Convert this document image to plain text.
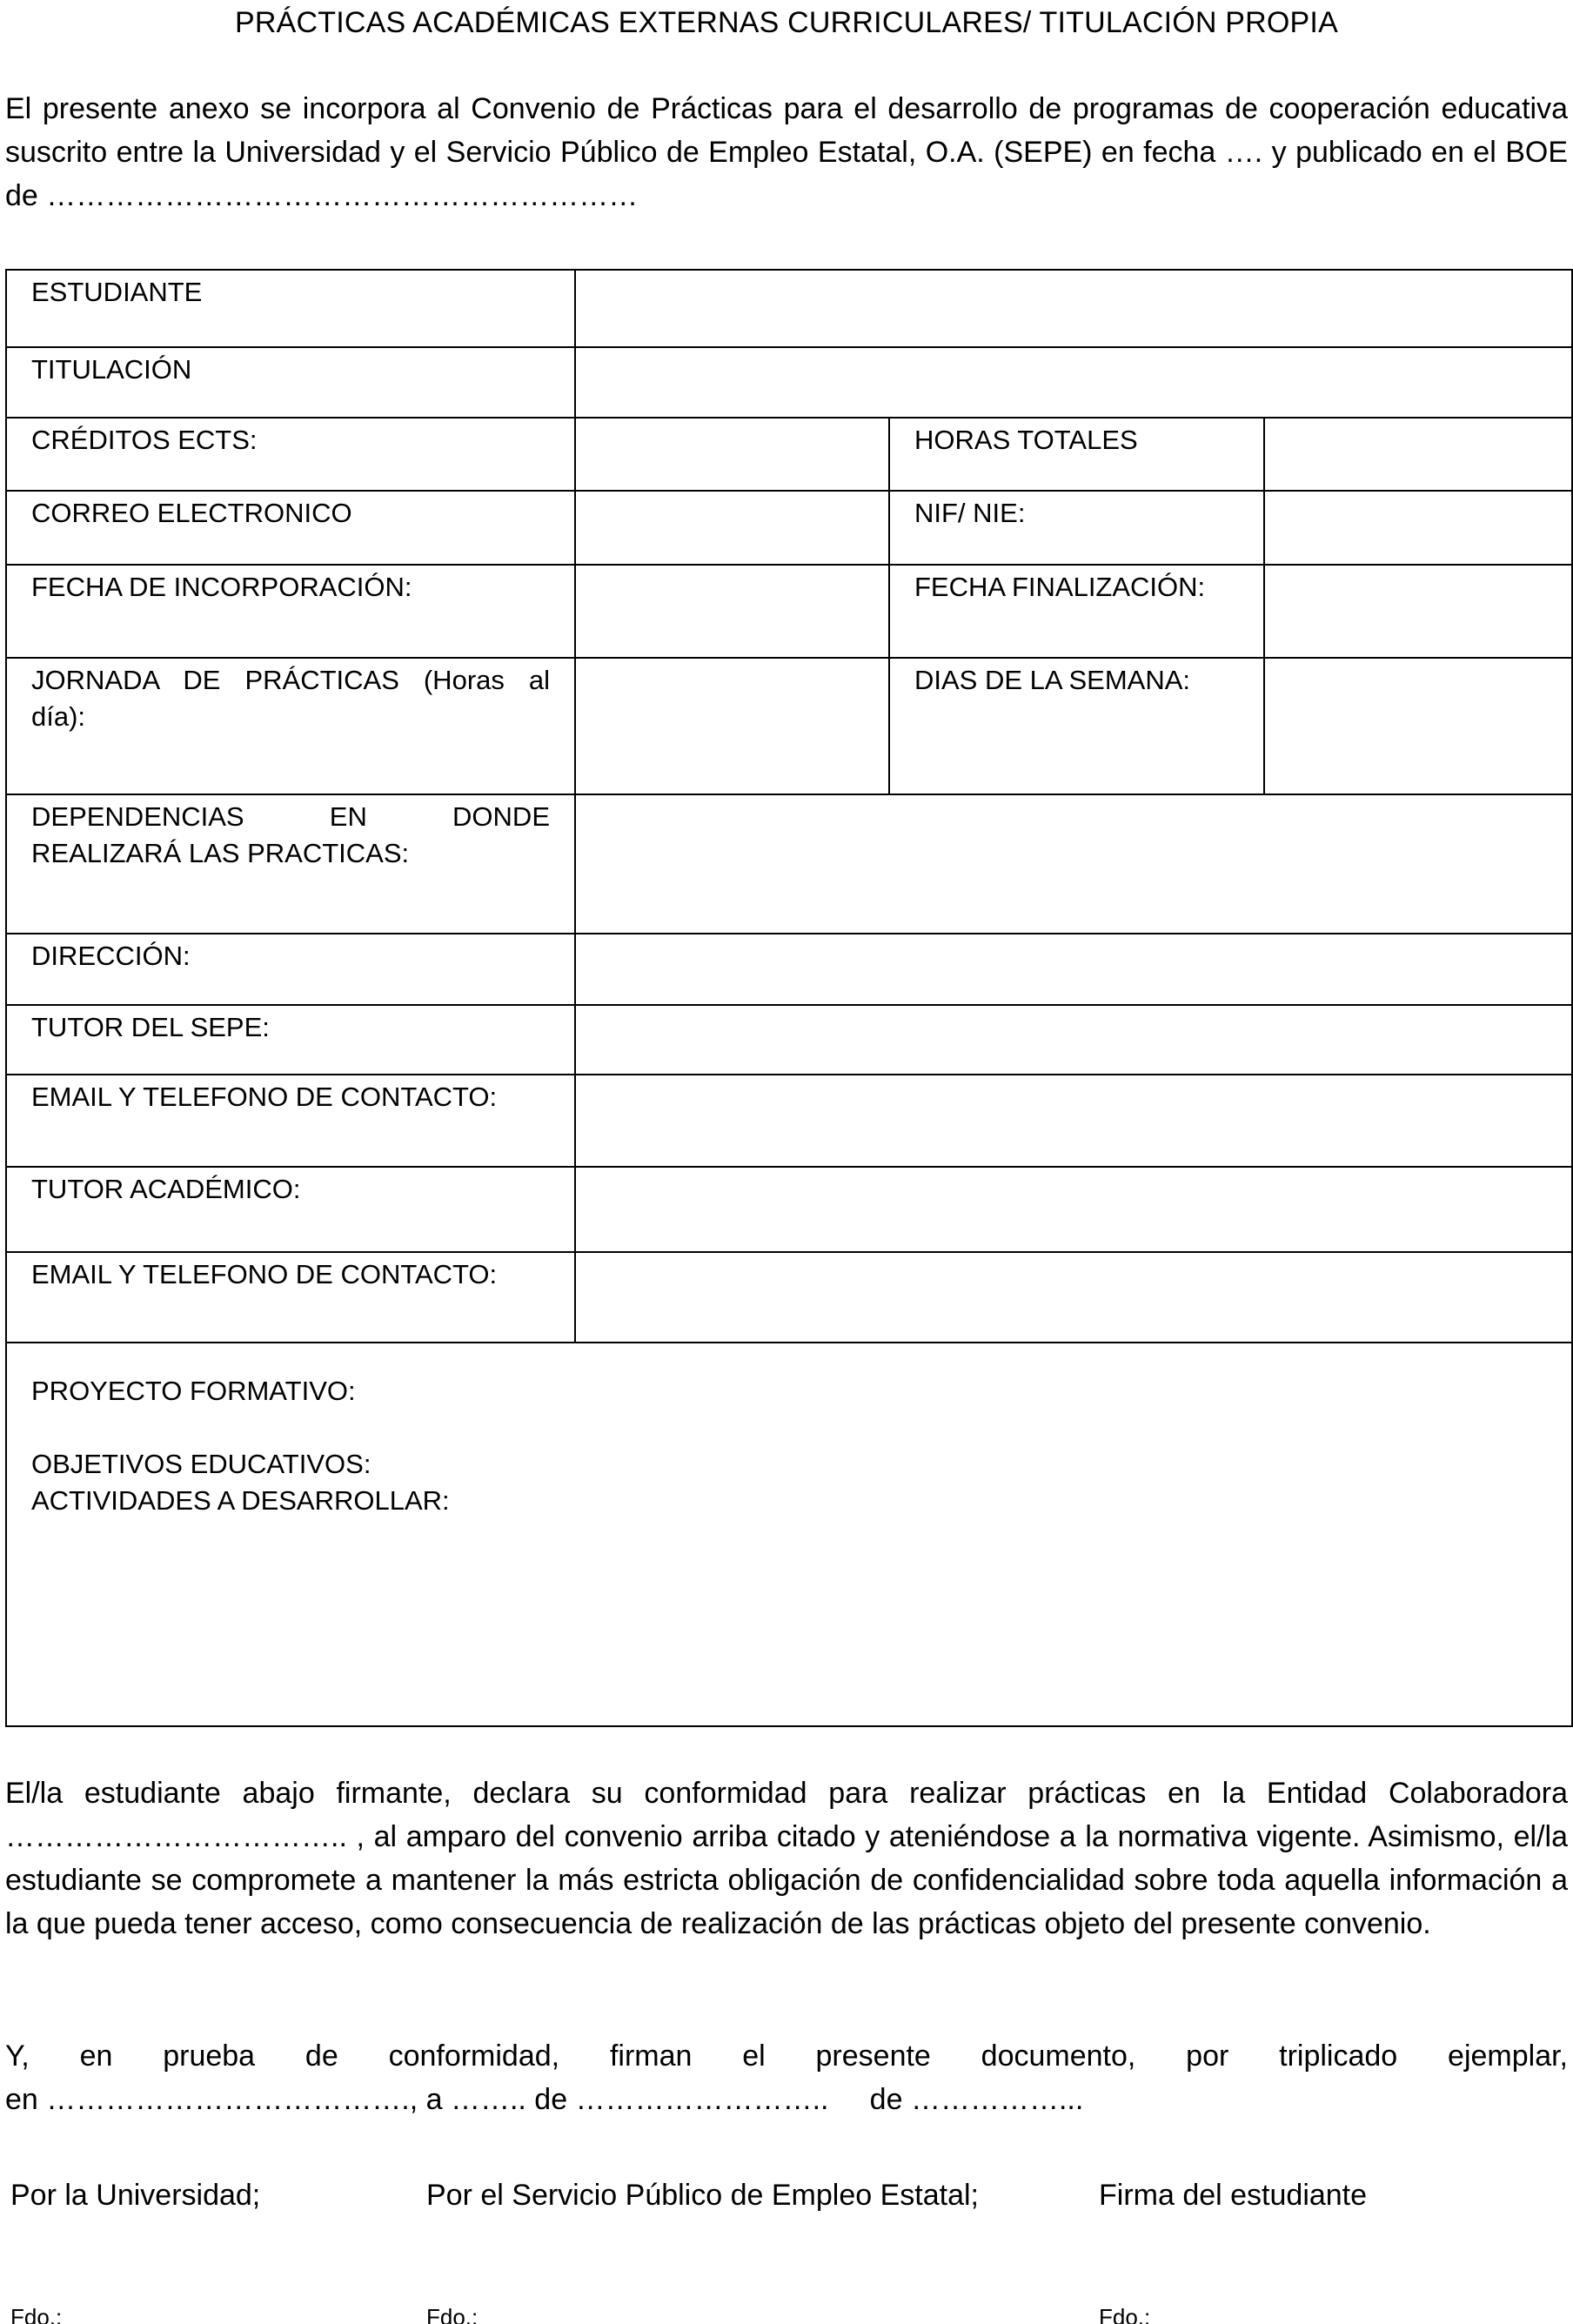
PRÁCTICAS ACADÉMICAS EXTERNAS CURRICULARES/ TITULACIÓN PROPIA

El presente anexo se incorpora al Convenio de Prácticas para el desarrollo de programas de cooperación educativa suscrito entre la Universidad y el Servicio Público de Empleo Estatal, O.A. (SEPE) en fecha …. y publicado en el BOE de ……………………………………………………

ESTUDIANTE			
TITULACIÓN			
CRÉDITOS ECTS:		HORAS TOTALES	
CORREO ELECTRONICO		NIF/ NIE:	
FECHA DE INCORPORACIÓN:		FECHA FINALIZACIÓN:	

JORNADA DE PRÁCTICAS (Horas al
día):		DIAS DE LA SEMANA:	

DEPENDENCIAS EN DONDE
REALIZARÁ LAS PRACTICAS:			

DIRECCIÓN:			
TUTOR DEL SEPE:			
EMAIL Y TELEFONO DE CONTACTO:			
TUTOR ACADÉMICO:			
EMAIL Y TELEFONO DE CONTACTO:			

PROYECTO FORMATIVO:
OBJETIVOS EDUCATIVOS:
ACTIVIDADES A DESARROLLAR:			

El/la estudiante abajo firmante, declara su conformidad para realizar prácticas en la Entidad Colaboradora …………………………….. , al amparo del convenio arriba citado y ateniéndose a la normativa vigente. Asimismo, el/la estudiante se compromete a mantener la más estricta obligación de confidencialidad sobre toda aquella información a la que pueda tener acceso, como consecuencia de realización de las prácticas objeto del presente convenio.

Y, en prueba de conformidad, firman el presente documento, por triplicado ejemplar,
en ………………………………., a …….. de ……………………..     de ……………...
Por la Universidad;	Por el Servicio Público de Empleo Estatal;	Firma del estudiante
Fdo.:	Fdo.:	Fdo.:
